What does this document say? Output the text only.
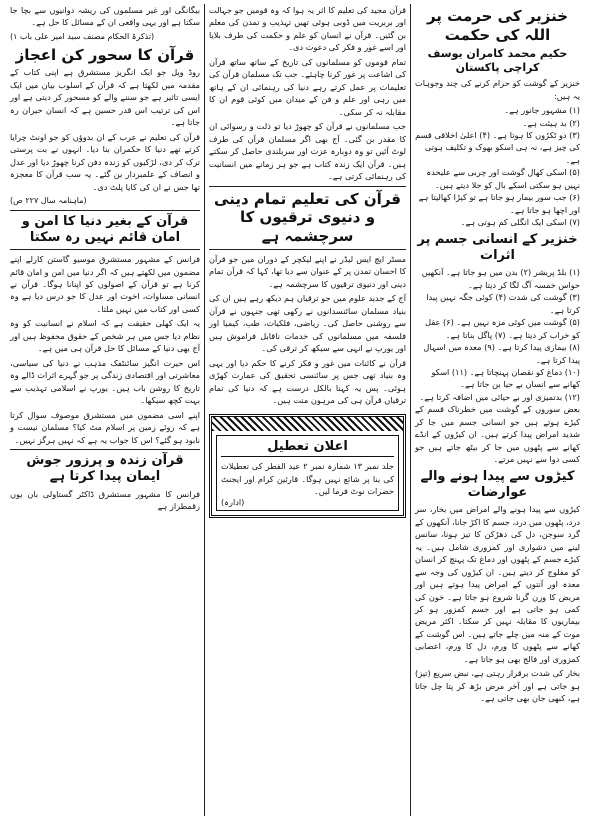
خنزیر کی حرمت پر اللہ کی حکمت
حکیم محمد کامران یوسف کراچی پاکستان
خنزیر کے گوشت کو حرام کرنے کی چند وجوہات یہ ہیں:
(۱) مشہور جانور ہے۔
(۲) بد ہیئت ہے۔
(۳) دو ٹکڑوں کا ہوتا ہے۔ (۴) اعلیٰ اخلاقی قسم کی چیز ہے، نہ ہی اسکو بھوک و تکلیف ہوتی ہے۔
(۵) اسکی کھال گوشت اور چربی سے علیحدہ نہیں ہو سکتی اسکے بال کو جلا دیتے ہیں۔
(۶) جب سور بیمار ہو جاتا ہے تو کیڑا کھالیتا ہے اور اچھا ہو جاتا ہے۔
(۷) اسکی ایک انگلی کم ہوتی ہے۔
خنزیر کے انسانی جسم پر اثرات
(۱) بلڈ پریشر (۲) بدن میں ہو جاتا ہے۔ آنکھیں حواس خمسہ آگ لگا کر دیتا ہے۔
(۳) گوشت کی شدت (۴) کوئی جگہ نہیں پیدا کرتا ہے۔
(۵) گوشت میں کوئی مزہ نہیں ہے۔ (۶) عقل کو خراب کر دیتا ہے۔ (۷) پاگل بناتا ہے۔
(۸) بیماری پیدا کرتا ہے۔ (۹) معدہ میں اسہال پیدا کرتا ہے۔
(۱۰) دماغ کو نقصان پہنچاتا ہے۔ (۱۱) اسکو کھانے سے انسان بے حیا بن جاتا ہے۔
(۱۲) بدتمیزی اور بے حیائی میں اضافہ کرتا ہے۔
بعض سوروں کے گوشت میں خطرناک قسم کے کیڑے ہوتے ہیں جو انسانی جسم میں جا کر شدید امراض پیدا کرتے ہیں۔ ان کیڑوں کے انڈے کھانے سے پٹھوں میں جا کر بیٹھ جاتے ہیں جو کسی دوا سے نہیں مرتے۔
کیڑوں سے پیدا ہونے والے عوارضات
کیڑوں سے پیدا ہونے والے امراض میں بخار، سر درد، پٹھوں میں درد، جسم کا اکڑ جانا، آنکھوں کے گرد سوجن، دل کی دھڑکن کا تیز ہونا، سانس لینے میں دشواری اور کمزوری شامل ہیں۔ یہ کیڑے جسم کے پٹھوں اور دماغ تک پہنچ کر انسان کو مفلوج کر دیتے ہیں۔ ان کیڑوں کی وجہ سے معدہ اور آنتوں کے امراض پیدا ہوتے ہیں اور مریض کا وزن گرنا شروع ہو جاتا ہے۔ خون کی کمی ہو جاتی ہے اور جسم کمزور ہو کر بیماریوں کا مقابلہ نہیں کر سکتا۔ اکثر مریض موت کے منہ میں چلے جاتے ہیں۔ اس گوشت کے کھانے سے پٹھوں کا ورم، دل کا ورم، اعصابی کمزوری اور فالج بھی ہو جاتا ہے۔
بخار کی شدت برقرار رہتی ہے، نبض سریع (تیز) ہو جاتی ہے اور آخر مرض بڑھ کر پتا چل جاتا ہے، کبھی جان بھی جاتی ہے۔
قرآن مجید کی تعلیم کا اثر یہ ہوا کہ وہ قومیں جو جہالت اور بربریت میں ڈوبی ہوئی تھیں تہذیب و تمدن کی معلم بن گئیں۔ قرآن نے انسان کو علم و حکمت کی طرف بلایا اور اسے غور و فکر کی دعوت دی۔
تمام قوموں کو مسلمانوں کی تاریخ کے ساتھ ساتھ قرآن کی اشاعت پر غور کرنا چاہئے۔ جب تک مسلمان قرآن کی تعلیمات پر عمل کرتے رہے دنیا کی رہنمائی ان کے ہاتھ میں رہی اور علم و فن کے میدان میں کوئی قوم ان کا مقابلہ نہ کر سکی۔
جب مسلمانوں نے قرآن کو چھوڑ دیا تو ذلت و رسوائی ان کا مقدر بن گئی۔ آج بھی اگر مسلمان قرآن کی طرف لوٹ آئیں تو وہ دوبارہ عزت اور سربلندی حاصل کر سکتے ہیں۔ قرآن ایک زندہ کتاب ہے جو ہر زمانے میں انسانیت کی رہنمائی کرتی ہے۔
قرآن کی تعلیم تمام دینی و دنیوی ترقیوں کا سرچشمہ ہے
مسٹر ایچ ایس لیڈر نے اپنے لیکچر کے دوران میں جو قرآن کا احسان تمدن پر کے عنوان سے دیا تھا، کہا کہ قرآن تمام دینی اور دنیوی ترقیوں کا سرچشمہ ہے۔
آج کے جدید علوم میں جو ترقیاں ہم دیکھ رہے ہیں ان کی بنیاد مسلمان سائنسدانوں نے رکھی تھی جنہوں نے قرآن سے روشنی حاصل کی۔ ریاضی، فلکیات، طب، کیمیا اور فلسفہ میں مسلمانوں کی خدمات ناقابل فراموش ہیں اور یورپ نے انہی سے سیکھ کر ترقی کی۔
قرآن نے کائنات میں غور و فکر کرنے کا حکم دیا اور یہی وہ بنیاد تھی جس پر سائنسی تحقیق کی عمارت کھڑی ہوئی۔ پس یہ کہنا بالکل درست ہے کہ دنیا کی تمام ترقیاں قرآن ہی کی مرہون منت ہیں۔
اعلان تعطیل
جلد نمبر ۱۳ شمارہ نمبر ۲ عید الفطر کی تعطیلات کی بنا پر شائع نہیں ہوگا۔ قارئین کرام اور ایجنٹ حضرات نوٹ فرما لیں۔
(ادارہ)
بیگانگی اور غیر مسلموں کی ریشہ دوانیوں سے بچا جا سکتا ہے اور یہی واقعی ان کے مسائل کا حل ہے۔
(تذکرۃ الحکام مصنف سید امیر علی باب ۱)
قرآن کا سحور کن اعجاز
روڈ ویل جو ایک انگریز مستشرق ہے اپنی کتاب کے مقدمہ میں لکھتا ہے کہ قرآن کے اسلوب بیان میں ایک ایسی تاثیر ہے جو سننے والے کو مسحور کر دیتی ہے اور اس کی ترتیب اس قدر حسین ہے کہ انسان حیران رہ جاتا ہے۔
قرآن کی تعلیم نے عرب کے ان بدوؤں کو جو اونٹ چرایا کرتے تھے دنیا کا حکمران بنا دیا۔ انہوں نے بت پرستی ترک کر دی، لڑکیوں کو زندہ دفن کرنا چھوڑ دیا اور عدل و انصاف کے علمبردار بن گئے۔ یہ سب قرآن کا معجزہ تھا جس نے ان کی کایا پلٹ دی۔
(ماہنامہ سال ۲۲۷ ص)
قرآن کے بغیر دنیا کا امن و امان قائم نہیں رہ سکتا
فرانس کے مشہور مستشرق موسیو گاستن کارلے اپنے مضمون میں لکھتے ہیں کہ اگر دنیا میں امن و امان قائم کرنا ہے تو قرآن کے اصولوں کو اپنانا ہوگا۔ قرآن نے انسانی مساوات، اخوت اور عدل کا جو درس دیا ہے وہ کسی اور کتاب میں نہیں ملتا۔
یہ ایک کھلی حقیقت ہے کہ اسلام نے انسانیت کو وہ نظام دیا جس میں ہر شخص کے حقوق محفوظ ہیں اور آج بھی دنیا کے مسائل کا حل قرآن ہی میں ہے۔
اس حیرت انگیز سائنٹفک مذہب نے دنیا کی سیاسی، معاشرتی اور اقتصادی زندگی پر جو گہرے اثرات ڈالے وہ تاریخ کا روشن باب ہیں۔ یورپ نے اسلامی تہذیب سے بہت کچھ سیکھا۔
اپنے اسی مضمون میں مستشرق موصوف سوال کرتا ہے کہ روئے زمین پر اسلام مٹ کیا؟ مسلمان نیست و نابود ہو گئے؟ اس کا جواب یہ ہے کہ نہیں ہرگز نہیں۔
قرآن زندہ و پرزور جوش ایمان پیدا کرتا ہے
فرانس کا مشہور مستشرق ڈاکٹر گستاولی بان یوں رقمطراز ہے
